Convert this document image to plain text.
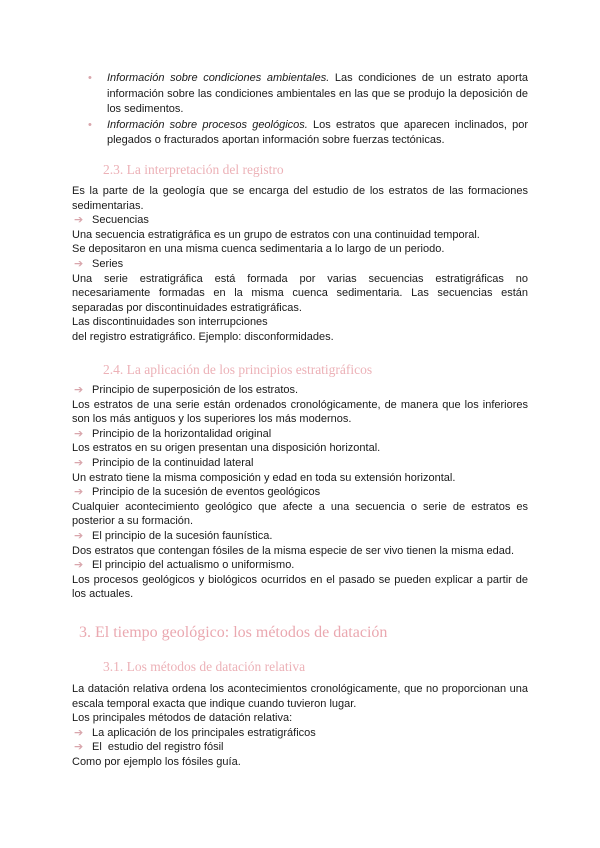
• Información sobre condiciones ambientales. Las condiciones de un estrato aporta información sobre las condiciones ambientales en las que se produjo la deposición de los sedimentos.
• Información sobre procesos geológicos. Los estratos que aparecen inclinados, por plegados o fracturados aportan información sobre fuerzas tectónicas.
2.3. La interpretación del registro

Es la parte de la geología que se encarga del estudio de los estratos de las formaciones sedimentarias.

➔ Secuencias

Una secuencia estratigráfica es un grupo de estratos con una continuidad temporal.

Se depositaron en una misma cuenca sedimentaria a lo largo de un periodo.

➔ Series

Una serie estratigráfica está formada por varias secuencias estratigráficas no necesariamente formadas en la misma cuenca sedimentaria. Las secuencias están separadas por discontinuidades estratigráficas.

Las discontinuidades son interrupciones

del registro estratigráfico. Ejemplo: disconformidades.

2.4. La aplicación de los principios estratigráficos
➔ Principio de superposición de los estratos.

Los estratos de una serie están ordenados cronológicamente, de manera que los inferiores son los más antiguos y los superiores los más modernos.

➔ Principio de la horizontalidad original

Los estratos en su origen presentan una disposición horizontal.

➔ Principio de la continuidad lateral

Un estrato tiene la misma composición y edad en toda su extensión horizontal.

➔ Principio de la sucesión de eventos geológicos

Cualquier acontecimiento geológico que afecte a una secuencia o serie de estratos es posterior a su formación.

➔ El principio de la sucesión faunística.

Dos estratos que contengan fósiles de la misma especie de ser vivo tienen la misma edad.

➔ El principio del actualismo o uniformismo.

Los procesos geológicos y biológicos ocurridos en el pasado se pueden explicar a partir de los actuales.

3. El tiempo geológico: los métodos de datación
3.1. Los métodos de datación relativa

La datación relativa ordena los acontecimientos cronológicamente, que no proporcionan una escala temporal exacta que indique cuando tuvieron lugar.

Los principales métodos de datación relativa:

➔ La aplicación de los principales estratigráficos
➔ El  estudio del registro fósil

Como por ejemplo los fósiles guía.
